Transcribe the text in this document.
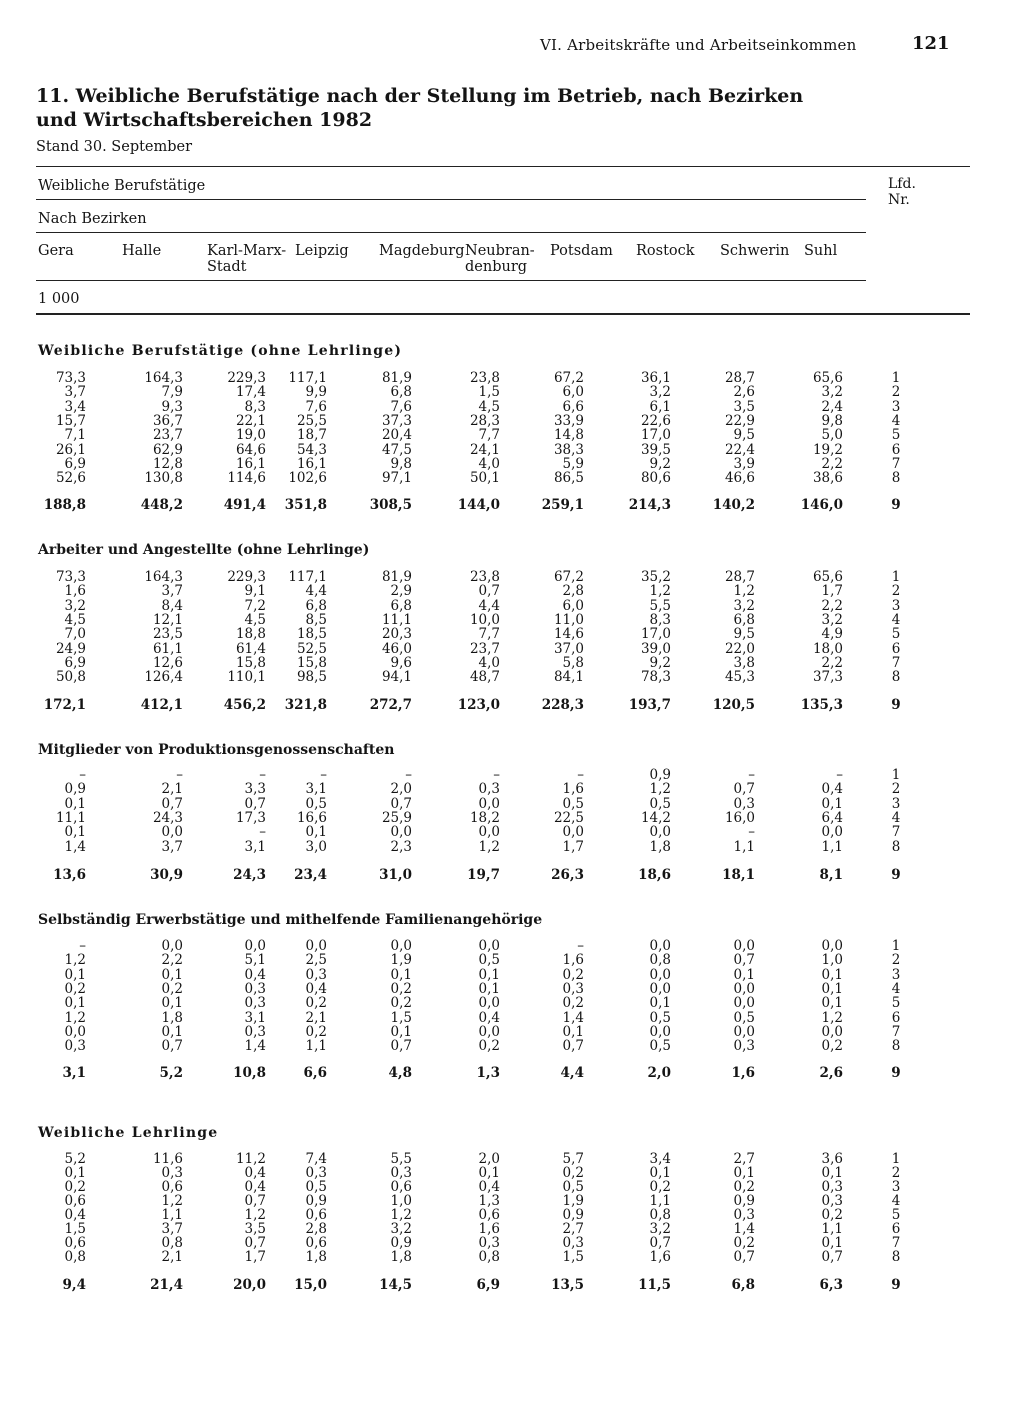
VI. Arbeitskräfte und Arbeitseinkommen	121
11. Weibliche Berufstätige nach der Stellung im Betrieb, nach Bezirken
und Wirtschaftsbereichen 1982
Stand 30. September
Weibliche Berufstätige	Lfd.
Nr.
Nach Bezirken
Gera	Halle	Karl-Marx-
Stadt
Leipzig Magdeburg Neubran-
denburg
Potsdam Rostock Schwerin Suhl
1 000
Weibliche Berufstätige (ohne Lehrlinge)
73,3	164,3	229,3	117,1	81,9	23,8	67,2	36,1	28,7	65,6	1
3,7	7,9	17,4	9,9	6,8	1,5	6,0	3,2	2,6	3,2	2
3,4	9,3	8,3	7,6	7,6	4,5	6,6	6,1	3,5	2,4	3
15,7	36,7	22,1	25,5	37,3	28,3	33,9	22,6	22,9	9,8	4
7,1	23,7	19,0	18,7	20,4	7,7	14,8	17,0	9,5	5,0	5
26,1	62,9	64,6	54,3	47,5	24,1	38,3	39,5	22,4	19,2	6
6,9	12,8	16,1	16,1	9,8	4,0	5,9	9,2	3,9	2,2	7
52,6	130,8	114,6	102,6	97,1	50,1	86,5	80,6	46,6	38,6	8
188,8	448,2	491,4	351,8	308,5	144,0	259,1	214,3	140,2	146,0	9
Arbeiter und Angestellte (ohne Lehrlinge)
73,3	164,3	229,3	117,1	81,9	23,8	67,2	35,2	28,7	65,6	1
1,6	3,7	9,1	4,4	2,9	0,7	2,8	1,2	1,2	1,7	2
3,2	8,4	7,2	6,8	6,8	4,4	6,0	5,5	3,2	2,2	3
4,5	12,1	4,5	8,5	11,1	10,0	11,0	8,3	6,8	3,2	4
7,0	23,5	18,8	18,5	20,3	7,7	14,6	17,0	9,5	4,9	5
24,9	61,1	61,4	52,5	46,0	23,7	37,0	39,0	22,0	18,0	6
6,9	12,6	15,8	15,8	9,6	4,0	5,8	9,2	3,8	2,2	7
50,8	126,4	110,1	98,5	94,1	48,7	84,1	78,3	45,3	37,3	8
172,1	412,1	456,2	321,8	272,7	123,0	228,3	193,7	120,5	135,3	9
Mitglieder von Produktionsgenossenschaften
–	–	–	–	–	–	–	0,9	–	–	1
0,9	2,1	3,3	3,1	2,0	0,3	1,6	1,2	0,7	0,4	2
0,1	0,7	0,7	0,5	0,7	0,0	0,5	0,5	0,3	0,1	3
11,1	24,3	17,3	16,6	25,9	18,2	22,5	14,2	16,0	6,4	4
0,1	0,0	–	0,1	0,0	0,0	0,0	0,0	–	0,0	7
1,4	3,7	3,1	3,0	2,3	1,2	1,7	1,8	1,1	1,1	8
13,6	30,9	24,3	23,4	31,0	19,7	26,3	18,6	18,1	8,1	9
Selbständig Erwerbstätige und mithelfende Familienangehörige
–	0,0	0,0	0,0	0,0	0,0	–	0,0	0,0	0,0	1
1,2	2,2	5,1	2,5	1,9	0,5	1,6	0,8	0,7	1,0	2
0,1	0,1	0,4	0,3	0,1	0,1	0,2	0,0	0,1	0,1	3
0,2	0,2	0,3	0,4	0,2	0,1	0,3	0,0	0,0	0,1	4
0,1	0,1	0,3	0,2	0,2	0,0	0,2	0,1	0,0	0,1	5
1,2	1,8	3,1	2,1	1,5	0,4	1,4	0,5	0,5	1,2	6
0,0	0,1	0,3	0,2	0,1	0,0	0,1	0,0	0,0	0,0	7
0,3	0,7	1,4	1,1	0,7	0,2	0,7	0,5	0,3	0,2	8
3,1	5,2	10,8	6,6	4,8	1,3	4,4	2,0	1,6	2,6	9
Weibliche Lehrlinge
5,2	11,6	11,2	7,4	5,5	2,0	5,7	3,4	2,7	3,6	1
0,1	0,3	0,4	0,3	0,3	0,1	0,2	0,1	0,1	0,1	2
0,2	0,6	0,4	0,5	0,6	0,4	0,5	0,2	0,2	0,3	3
0,6	1,2	0,7	0,9	1,0	1,3	1,9	1,1	0,9	0,3	4
0,4	1,1	1,2	0,6	1,2	0,6	0,9	0,8	0,3	0,2	5
1,5	3,7	3,5	2,8	3,2	1,6	2,7	3,2	1,4	1,1	6
0,6	0,8	0,7	0,6	0,9	0,3	0,3	0,7	0,2	0,1	7
0,8	2,1	1,7	1,8	1,8	0,8	1,5	1,6	0,7	0,7	8
9,4	21,4	20,0	15,0	14,5	6,9	13,5	11,5	6,8	6,3	9
